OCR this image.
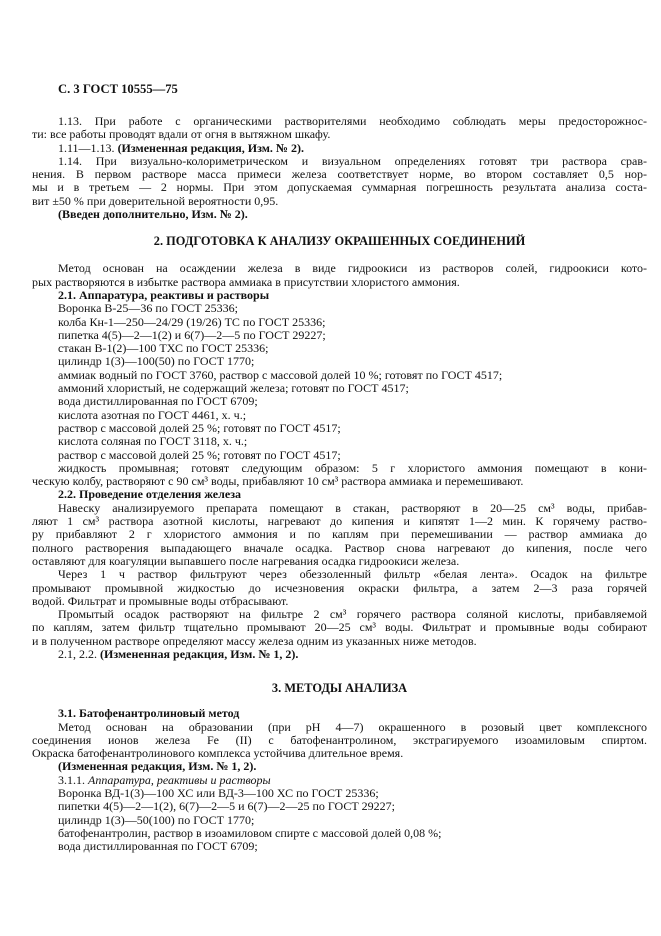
С. 3 ГОСТ 10555—75
1.13. При работе с органическими растворителями необходимо соблюдать меры предосторожнос-
ти: все работы проводят вдали от огня в вытяжном шкафу.
1.11—1.13. (Измененная редакция, Изм. № 2).
1.14. При визуально-колориметрическом и визуальном определениях готовят три раствора срав-
нения. В первом растворе масса примеси железа соответствует норме, во втором составляет 0,5 нор-
мы и в третьем — 2 нормы. При этом допускаемая суммарная погрешность результата анализа соста-
вит ±50 % при доверительной вероятности 0,95.
(Введен дополнительно, Изм. № 2).
2. ПОДГОТОВКА К АНАЛИЗУ ОКРАШЕННЫХ СОЕДИНЕНИЙ
Метод основан на осаждении железа в виде гидроокиси из растворов солей, гидроокиси кото-
рых растворяются в избытке раствора аммиака в присутствии хлористого аммония.
2.1. Аппаратура, реактивы и растворы
Воронка В-25—36 по ГОСТ 25336;
колба Кн-1—250—24/29 (19/26) ТС по ГОСТ 25336;
пипетка 4(5)—2—1(2) и 6(7)—2—5 по ГОСТ 29227;
стакан В-1(2)—100 ТХС по ГОСТ 25336;
цилиндр 1(3)—100(50) по ГОСТ 1770;
аммиак водный по ГОСТ 3760, раствор с массовой долей 10 %; готовят по ГОСТ 4517;
аммоний хлористый, не содержащий железа; готовят по ГОСТ 4517;
вода дистиллированная по ГОСТ 6709;
кислота азотная по ГОСТ 4461, х. ч.;
раствор с массовой долей 25 %; готовят по ГОСТ 4517;
кислота соляная по ГОСТ 3118, х. ч.;
раствор с массовой долей 25 %; готовят по ГОСТ 4517;
жидкость промывная; готовят следующим образом: 5 г хлористого аммония помещают в кони-
ческую колбу, растворяют с 90 см³ воды, прибавляют 10 см³ раствора аммиака и перемешивают.
2.2. Проведение отделения железа
Навеску анализируемого препарата помещают в стакан, растворяют в 20—25 см³ воды, прибав-
ляют 1 см³ раствора азотной кислоты, нагревают до кипения и кипятят 1—2 мин. К горячему раство-
ру прибавляют 2 г хлористого аммония и по каплям при перемешивании — раствор аммиака до
полного растворения выпадающего вначале осадка. Раствор снова нагревают до кипения, после чего
оставляют для коагуляции выпавшего после нагревания осадка гидроокиси железа.
Через 1 ч раствор фильтруют через обеззоленный фильтр «белая лента». Осадок на фильтре
промывают промывной жидкостью до исчезновения окраски фильтра, а затем 2—3 раза горячей
водой. Фильтрат и промывные воды отбрасывают.
Промытый осадок растворяют на фильтре 2 см³ горячего раствора соляной кислоты, прибавляемой
по каплям, затем фильтр тщательно промывают 20—25 см³ воды. Фильтрат и промывные воды собирают
и в полученном растворе определяют массу железа одним из указанных ниже методов.
2.1, 2.2. (Измененная редакция, Изм. № 1, 2).
3. МЕТОДЫ АНАЛИЗА
3.1. Батофенантролиновый метод
Метод основан на образовании (при рН 4—7) окрашенного в розовый цвет комплексного
соединения ионов железа Fe (II) с батофенантролином, экстрагируемого изоамиловым спиртом.
Окраска батофенантролинового комплекса устойчива длительное время.
(Измененная редакция, Изм. № 1, 2).
3.1.1. Аппаратура, реактивы и растворы
Воронка ВД-1(3)—100 ХС или ВД-3—100 ХС по ГОСТ 25336;
пипетки 4(5)—2—1(2), 6(7)—2—5 и 6(7)—2—25 по ГОСТ 29227;
цилиндр 1(3)—50(100) по ГОСТ 1770;
батофенантролин, раствор в изоамиловом спирте с массовой долей 0,08 %;
вода дистиллированная по ГОСТ 6709;
